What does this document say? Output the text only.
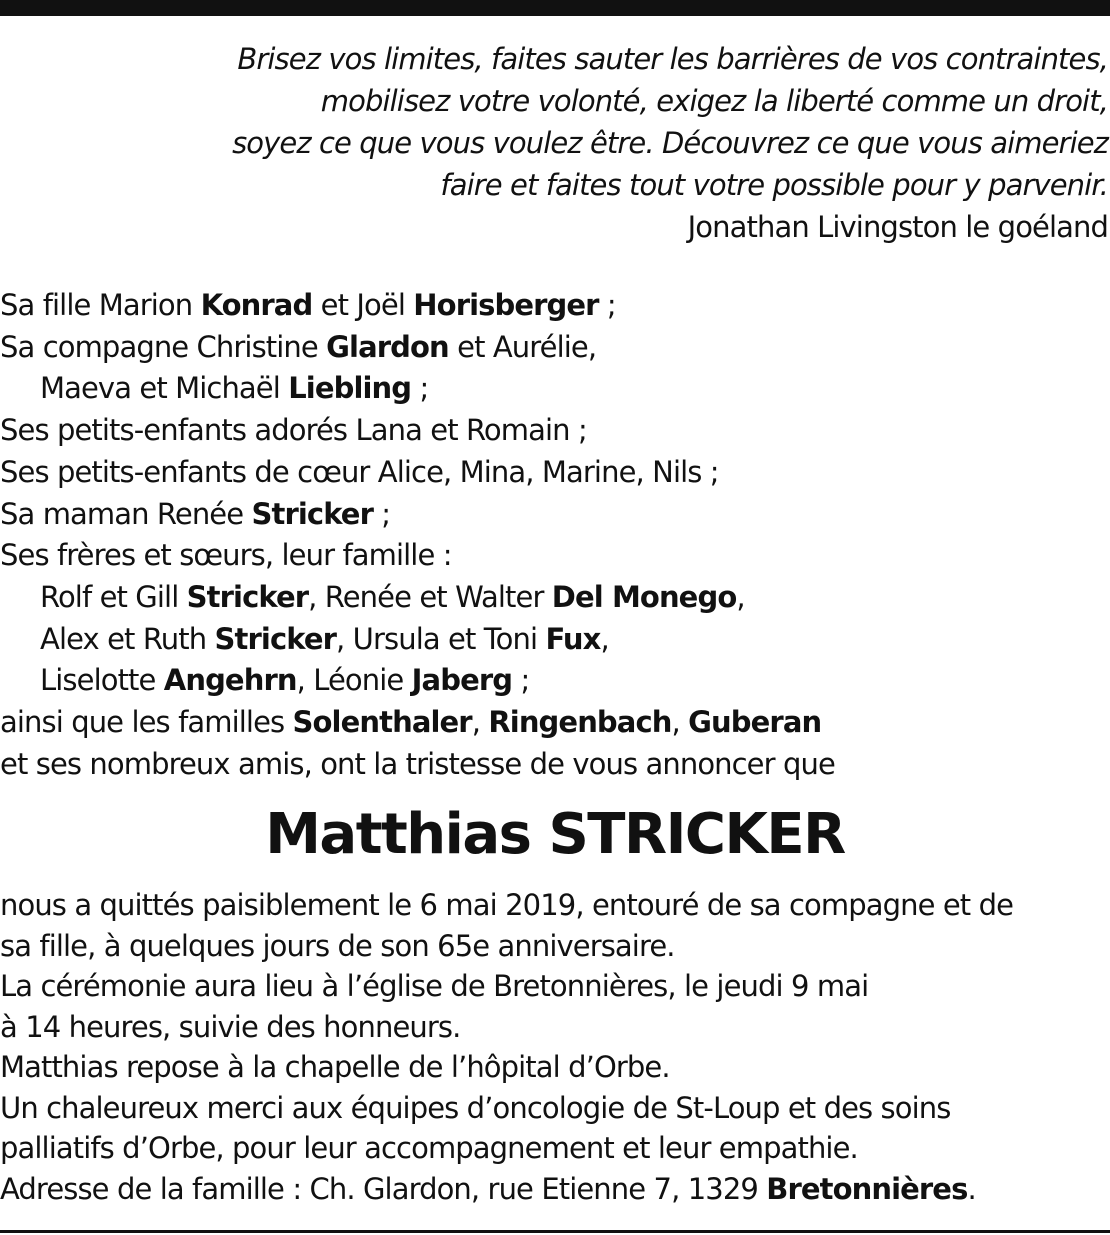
Brisez vos limites, faites sauter les barrières de vos contraintes,
mobilisez votre volonté, exigez la liberté comme un droit,
soyez ce que vous voulez être. Découvrez ce que vous aimeriez
faire et faites tout votre possible pour y parvenir.
Jonathan Livingston le goéland
Sa fille Marion Konrad et Joël Horisberger ;
Sa compagne Christine Glardon et Aurélie,
Maeva et Michaël Liebling ;
Ses petits-enfants adorés Lana et Romain ;
Ses petits-enfants de cœur Alice, Mina, Marine, Nils ;
Sa maman Renée Stricker ;
Ses frères et sœurs, leur famille :
Rolf et Gill Stricker, Renée et Walter Del Monego,
Alex et Ruth Stricker, Ursula et Toni Fux,
Liselotte Angehrn, Léonie Jaberg ;
ainsi que les familles Solenthaler, Ringenbach, Guberan
et ses nombreux amis, ont la tristesse de vous annoncer que
Matthias STRICKER
nous a quittés paisiblement le 6 mai 2019, entouré de sa compagne et de
sa fille, à quelques jours de son 65e anniversaire.
La cérémonie aura lieu à l’église de Bretonnières, le jeudi 9 mai
à 14 heures, suivie des honneurs.
Matthias repose à la chapelle de l’hôpital d’Orbe.
Un chaleureux merci aux équipes d’oncologie de St-Loup et des soins
palliatifs d’Orbe, pour leur accompagnement et leur empathie.
Adresse de la famille : Ch. Glardon, rue Etienne 7, 1329 Bretonnières.
